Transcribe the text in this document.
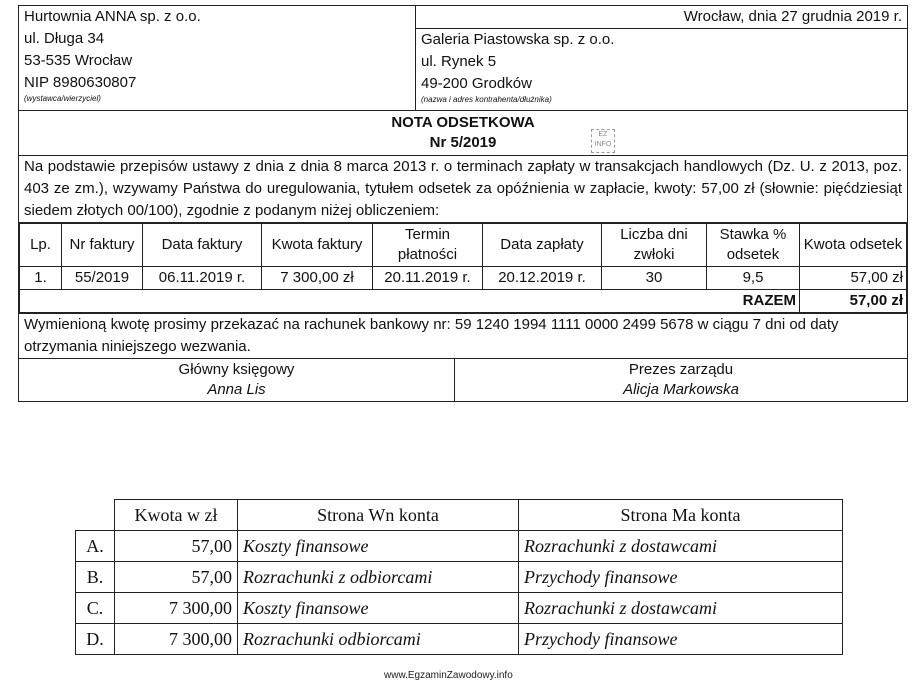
Hurtownia ANNA sp. z o.o.
ul. Długa 34
53-535 Wrocław
NIP 8980630807
(wystawca/wierzyciel)

Wrocław, dnia 27 grudnia 2019 r.
Galeria Piastowska sp. z o.o.
ul. Rynek 5
49-200 Grodków
(nazwa i adres kontrahenta/dłużnika)

NOTA ODSETKOWA
Nr 5/2019

Na podstawie przepisów ustawy z dnia z dnia 8 marca 2013 r. o terminach zapłaty w transakcjach handlowych (Dz. U. z 2013, poz. 403 ze zm.), wzywamy Państwa do uregulowania, tytułem odsetek za opóźnienia w zapłacie, kwoty: 57,00 zł (słownie: pięćdziesiąt siedem złotych 00/100), zgodnie z podanym niżej obliczeniem:

Lp.	Nr faktury	Data faktury	Kwota faktury	Termin płatności	Data zapłaty	Liczba dni zwłoki	Stawka % odsetek	Kwota odsetek
1.	55/2019	06.11.2019 r.	7 300,00 zł	20.11.2019 r.	20.12.2019 r.	30	9,5	57,00 zł
RAZEM	57,00 zł

Wymienioną kwotę prosimy przekazać na rachunek bankowy nr: 59 1240 1994 1111 0000 2499 5678 w ciągu 7 dni od daty otrzymania niniejszego wezwania.

Główny księgowy
Anna Lis

Prezes zarządu
Alicja Markowska
EZ INFO
	Kwota w zł	Strona Wn konta	Strona Ma konta
A.	57,00	Koszty finansowe	Rozrachunki z dostawcami
B.	57,00	Rozrachunki z odbiorcami	Przychody finansowe
C.	7 300,00	Koszty finansowe	Rozrachunki z dostawcami
D.	7 300,00	Rozrachunki odbiorcami	Przychody finansowe
www.EgzaminZawodowy.info
